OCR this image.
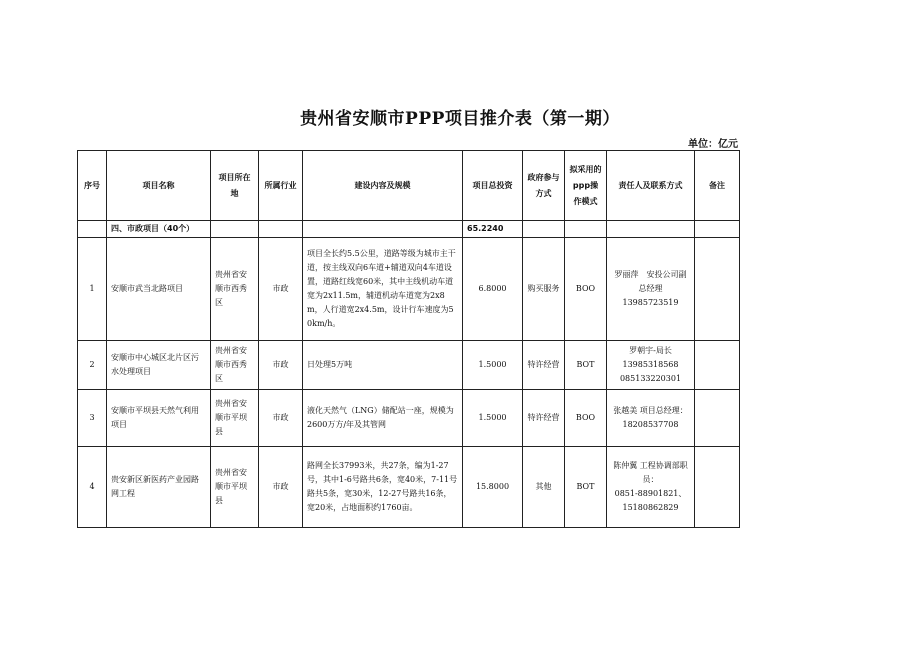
贵州省安顺市PPP项目推介表（第一期）
单位：亿元
序号	项目名称	项目所在地	所属行业	建设内容及规模	项目总投资	政府参与方式	拟采用的ppp操作模式	责任人及联系方式	备注
	四、市政项目（40个）				65.2240				
1	安顺市武当北路项目	贵州省安顺市西秀区	市政	项目全长约5.5公里，道路等级为城市主干道，按主线双向6车道+辅道双向4车道设置，道路红线宽60米，其中主线机动车道宽为2x11.5m，辅道机动车道宽为2x8m，人行道宽2x4.5m，设计行车速度为50km/h。	6.8000	购买服务	BOO	罗丽萍　安投公司副总经理
13985723519	

2	安顺市中心城区北片区污水处理项目	贵州省安顺市西秀区	市政	日处理5万吨	1.5000	特许经营	BOT	罗朝宇-局长
13985318568
085133220301	

3	安顺市平坝县天然气利用项目	贵州省安顺市平坝县	市政	液化天然气（LNG）储配站一座，规模为2600万方/年及其管网	1.5000	特许经营	BOO	张越美 项目总经理：
18208537708	

4	贵安新区新医药产业园路网工程	贵州省安顺市平坝县	市政	路网全长37993米，共27条，编为1-27号，其中1-6号路共6条，宽40米，7-11号路共5条，宽30米，12-27号路共16条，宽20米，占地面积约1760亩。	15.8000	其他	BOT	陈仲翼 工程协调部职员：
0851-88901821、
15180862829	
